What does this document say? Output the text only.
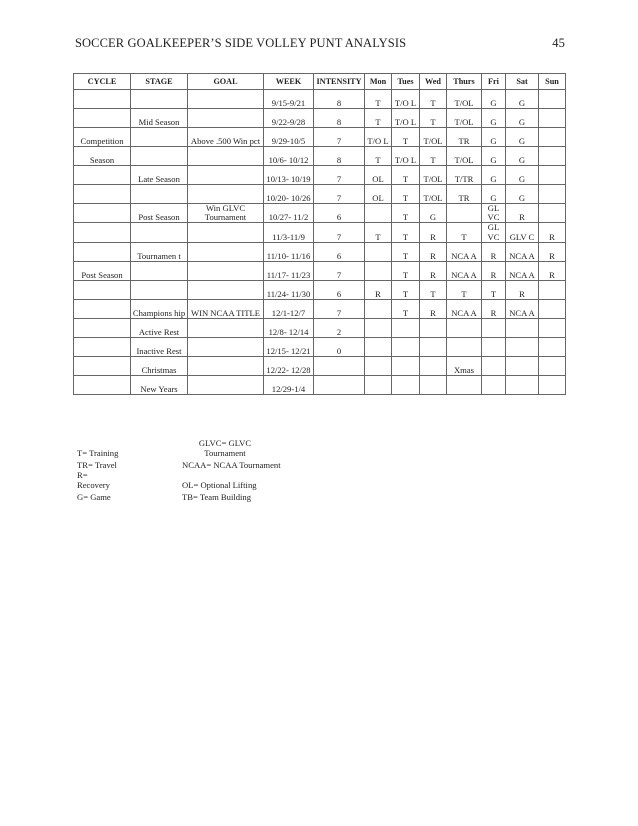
SOCCER GOALKEEPER’S SIDE VOLLEY PUNT ANALYSIS	45
CYCLE	STAGE	GOAL	WEEK	INTENSITY	Mon	Tues	Wed	Thurs	Fri	Sat	Sun
			9/15-9/21	8	T	T/O L	T	T/OL	G	G	
	Mid Season		9/22-9/28	8	T	T/O L	T	T/OL	G	G	
Competition		Above .500 Win pct	9/29-10/5	7	T/O L	T	T/OL	TR	G	G	
Season			10/6- 10/12	8	T	T/O L	T	T/OL	G	G	
	Late Season		10/13- 10/19	7	OL	T	T/OL	T/TR	G	G	
			10/20- 10/26	7	OL	T	T/OL	TR	G	G	
	Post Season	Win GLVC Tournament	10/27- 11/2	6		T	G		GL VC	R	
			11/3-11/9	7	T	T	R	T	GL VC	GLV C	R
	Tournamen t		11/10- 11/16	6		T	R	NCA A	R	NCA A	R
Post Season			11/17- 11/23	7		T	R	NCA A	R	NCA A	R
			11/24- 11/30	6	R	T	T	T	T	R	
	Champions hip	WIN NCAA TITLE	12/1-12/7	7		T	R	NCA A	R	NCA A	
	Active Rest		12/8- 12/14	2							
	Inactive Rest		12/15- 12/21	0							
	Christmas		12/22- 12/28					Xmas			
	New Years		12/29-1/4								
T= Training
TR= Travel
R=
Recovery
G= Game
GLVC= GLVC
Tournament
NCAA= NCAA Tournament
OL= Optional Lifting
TB= Team Building
